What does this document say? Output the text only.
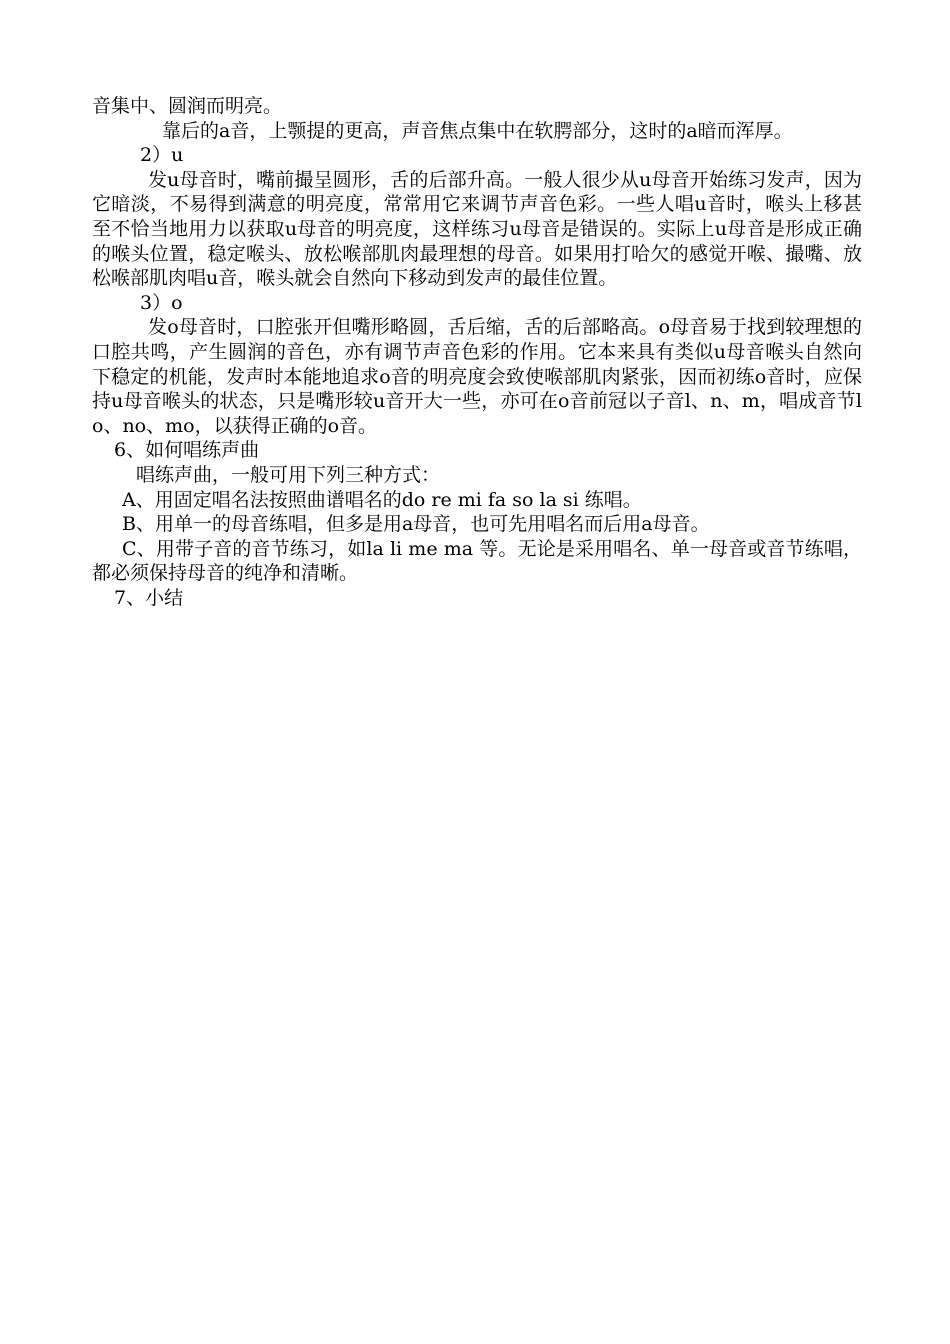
音集中、圆润而明亮。

靠后的a音，上颚提的更高，声音焦点集中在软腭部分，这时的a暗而浑厚。

2）u

发u母音时，嘴前撮呈圆形，舌的后部升高。一般人很少从u母音开始练习发声，因为它暗淡，不易得到满意的明亮度，常常用它来调节声音色彩。一些人唱u音时，喉头上移甚至不恰当地用力以获取u母音的明亮度，这样练习u母音是错误的。实际上u母音是形成正确的喉头位置，稳定喉头、放松喉部肌肉最理想的母音。如果用打哈欠的感觉开喉、撮嘴、放松喉部肌肉唱u音，喉头就会自然向下移动到发声的最佳位置。

3）o

发o母音时，口腔张开但嘴形略圆，舌后缩，舌的后部略高。o母音易于找到较理想的口腔共鸣，产生圆润的音色，亦有调节声音色彩的作用。它本来具有类似u母音喉头自然向下稳定的机能，发声时本能地追求o音的明亮度会致使喉部肌肉紧张，因而初练o音时，应保持u母音喉头的状态，只是嘴形较u音开大一些，亦可在o音前冠以子音l、n、m，唱成音节lo、no、mo，以获得正确的o音。

6、如何唱练声曲

唱练声曲，一般可用下列三种方式：

A、用固定唱名法按照曲谱唱名的do re mi fa so la si 练唱。

B、用单一的母音练唱，但多是用a母音，也可先用唱名而后用a母音。

C、用带子音的音节练习，如la li me ma 等。无论是采用唱名、单一母音或音节练唱，都必须保持母音的纯净和清晰。

7、小结
